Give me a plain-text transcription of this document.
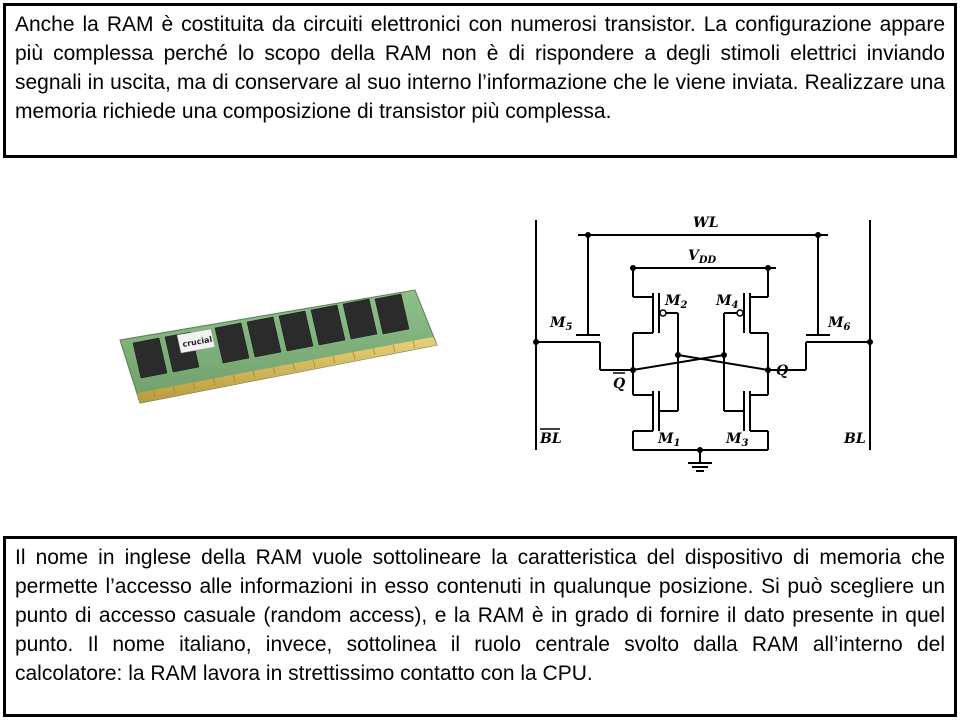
Anche la RAM è costituita da circuiti elettronici con numerosi transistor. La configurazione appare più complessa perché lo scopo della RAM non è di rispondere a degli stimoli elettrici inviando segnali in uscita, ma di conservare al suo interno l’informazione che le viene inviata. Realizzare una memoria richiede una composizione di transistor più complessa.
crucial
WL
$V_{DD}$
$M_5$	$M_6$
$M_2$ $M_4$
$M_1$	$M_3$
Q
Q
BL	BL
Il nome in inglese della RAM vuole sottolineare la caratteristica del dispositivo di memoria che permette l’accesso alle informazioni in esso contenuti in qualunque posizione. Si può scegliere un punto di accesso casuale (random access), e la RAM è in grado di fornire il dato presente in quel punto. Il nome italiano, invece, sottolinea il ruolo centrale svolto dalla RAM all’interno del calcolatore: la RAM lavora in strettissimo contatto con la CPU.
